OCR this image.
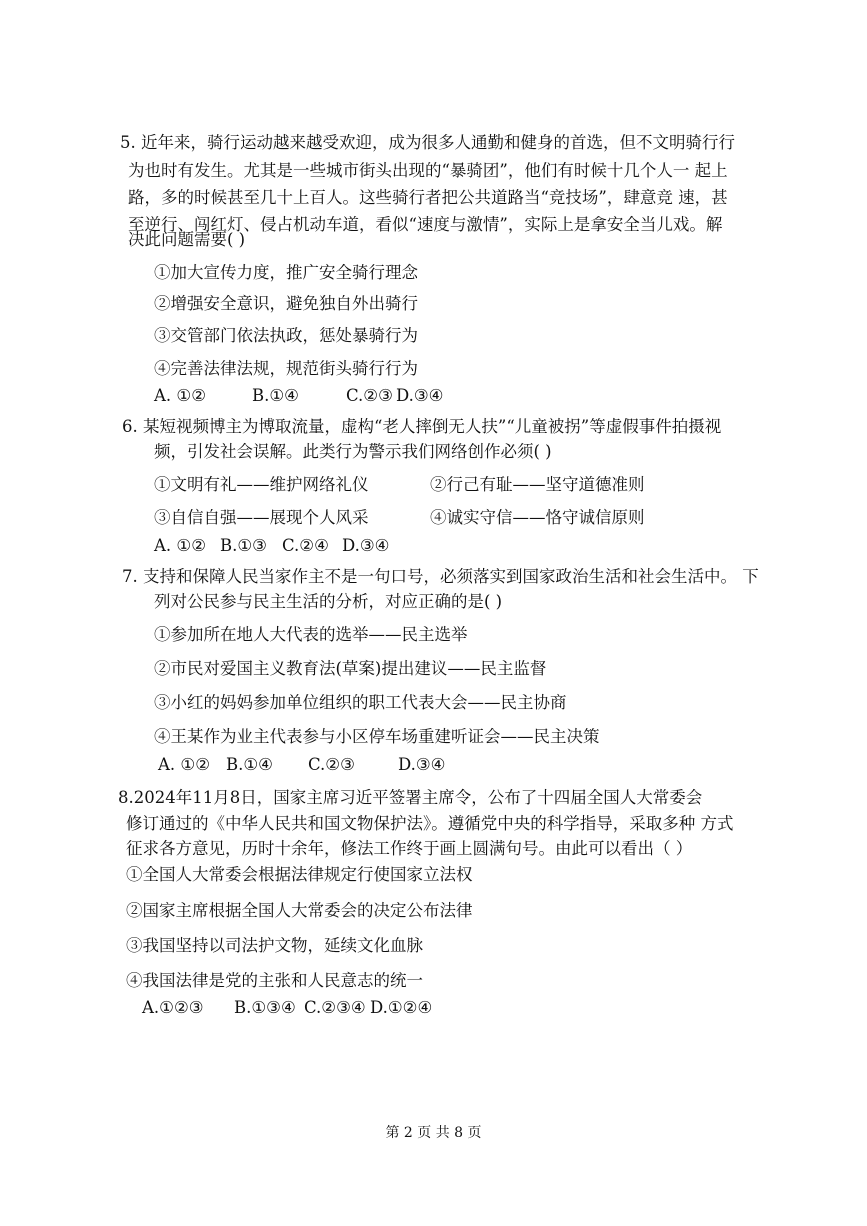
5. 近年来，骑行运动越来越受欢迎，成为很多人通勤和健身的首选，但不文明骑行行
为也时有发生。尤其是一些城市街头出现的“暴骑团”，他们有时候十几个人一 起上
路，多的时候甚至几十上百人。这些骑行者把公共道路当“竞技场”，肆意竞 速，甚
至逆行、闯红灯、侵占机动车道，看似“速度与激情”，实际上是拿安全当儿戏。解
决此问题需要( )
①加大宣传力度，推广安全骑行理念
②增强安全意识，避免独自外出骑行
③交管部门依法执政，惩处暴骑行为
④完善法律法规，规范街头骑行行为
A. ①②	B.①④	C.②③ D.③④
6. 某短视频博主为博取流量，虚构“老人摔倒无人扶”“儿童被拐”等虚假事件拍摄视
频，引发社会误解。此类行为警示我们网络创作必须( )
①文明有礼——维护网络礼仪	②行己有耻——坚守道德准则
③自信自强——展现个人风采	④诚实守信——恪守诚信原则
A. ①② B.①③ C.②④ D.③④
7. 支持和保障人民当家作主不是一句口号，必须落实到国家政治生活和社会生活中。 下
列对公民参与民主生活的分析，对应正确的是( )
①参加所在地人大代表的选举——民主选举
②市民对爱国主义教育法(草案)提出建议——民主监督
③小红的妈妈参加单位组织的职工代表大会——民主协商
④王某作为业主代表参与小区停车场重建听证会——民主决策
A. ①② B.①④ C.②③	D.③④
8.2024年11月8日，国家主席习近平签署主席令，公布了十四届全国人大常委会
修订通过的《中华人民共和国文物保护法》。遵循党中央的科学指导，采取多种 方式
征求各方意见，历时十余年，修法工作终于画上圆满句号。由此可以看出（ ）
①全国人大常委会根据法律规定行使国家立法权
②国家主席根据全国人大常委会的决定公布法律
③我国坚持以司法护文物，延续文化血脉
④我国法律是党的主张和人民意志的统一
A.①②③ B.①③④ C.②③④ D.①②④
第 2 页 共 8 页
